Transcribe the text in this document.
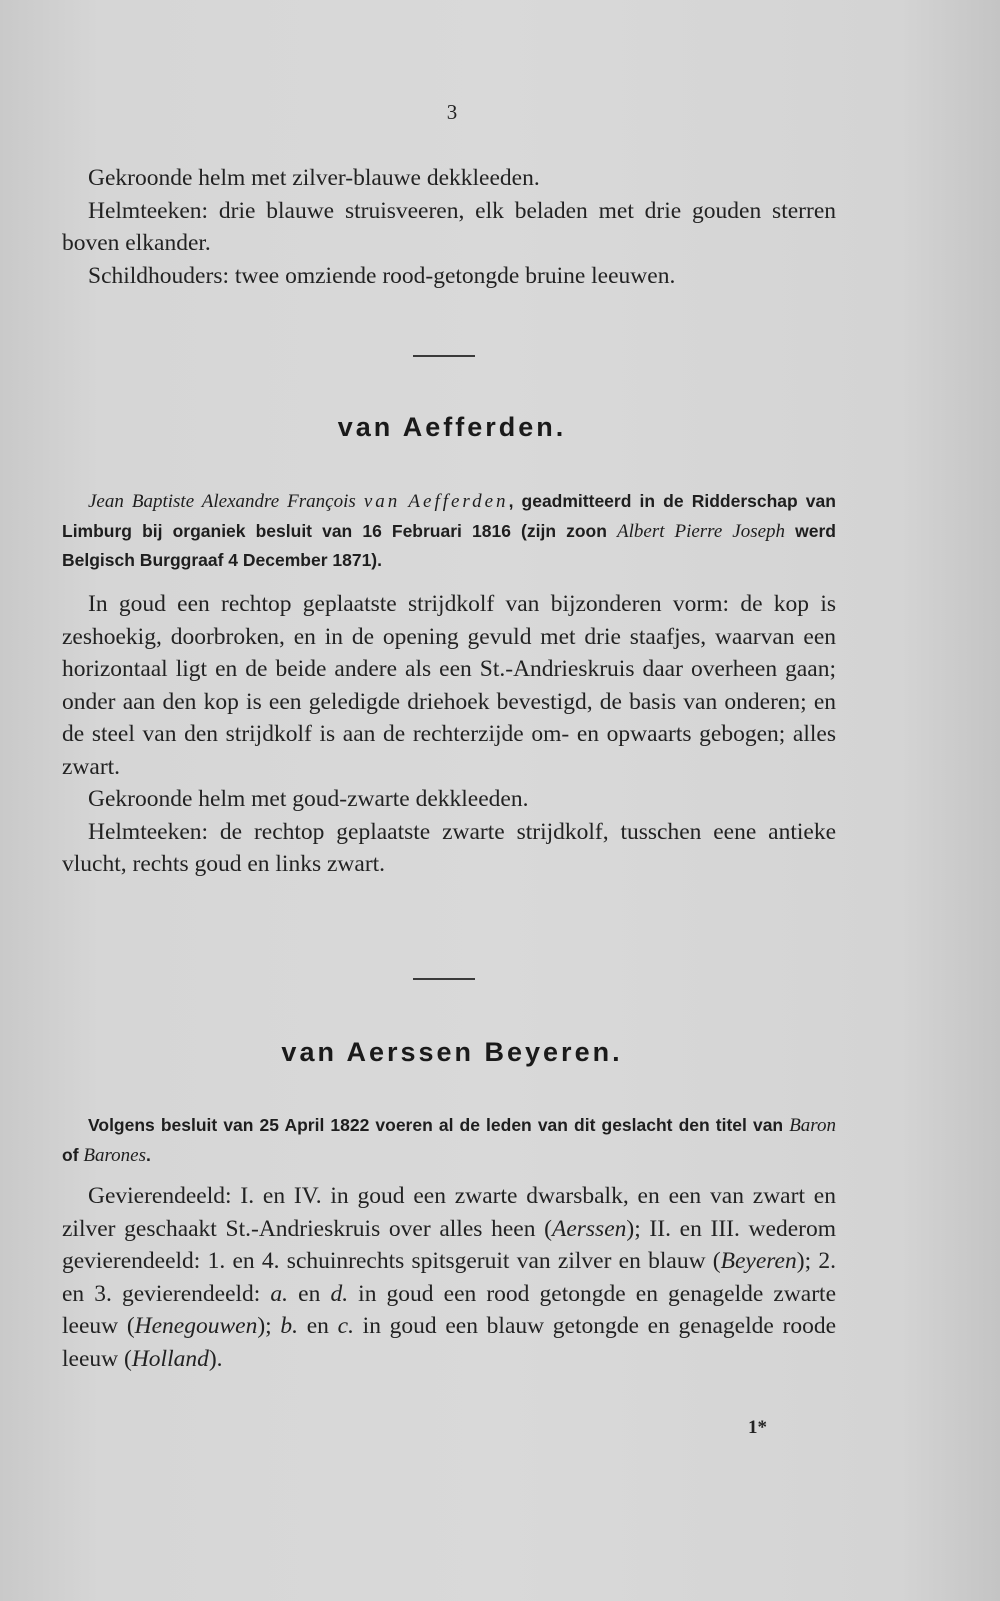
3

Gekroonde helm met zilver-blauwe dekkleeden.

Helmteeken: drie blauwe struisveeren, elk beladen met drie gouden sterren boven elkander.

Schildhouders: twee omziende rood-getongde bruine leeuwen.

van Aefferden.

Jean Baptiste Alexandre François van Aefferden, geadmitteerd in de Ridderschap van Limburg bij organiek besluit van 16 Februari 1816 (zijn zoon Albert Pierre Joseph werd Belgisch Burggraaf 4 December 1871).

In goud een rechtop geplaatste strijdkolf van bijzonderen vorm: de kop is zeshoekig, doorbroken, en in de opening gevuld met drie staafjes, waarvan een horizontaal ligt en de beide andere als een St.-Andrieskruis daar overheen gaan; onder aan den kop is een geledigde driehoek bevestigd, de basis van onderen; en de steel van den strijdkolf is aan de rechterzijde om- en opwaarts gebogen; alles zwart.

Gekroonde helm met goud-zwarte dekkleeden.

Helmteeken: de rechtop geplaatste zwarte strijdkolf, tusschen eene antieke vlucht, rechts goud en links zwart.

van Aerssen Beyeren.

Volgens besluit van 25 April 1822 voeren al de leden van dit geslacht den titel van Baron of Barones.

Gevierendeeld: I. en IV. in goud een zwarte dwarsbalk, en een van zwart en zilver geschaakt St.-Andrieskruis over alles heen (Aerssen); II. en III. wederom gevierendeeld: 1. en 4. schuinrechts spitsgeruit van zilver en blauw (Beyeren); 2. en 3. gevierendeeld: a. en d. in goud een rood getongde en genagelde zwarte leeuw (Henegouwen); b. en c. in goud een blauw getongde en genagelde roode leeuw (Holland).

1*
